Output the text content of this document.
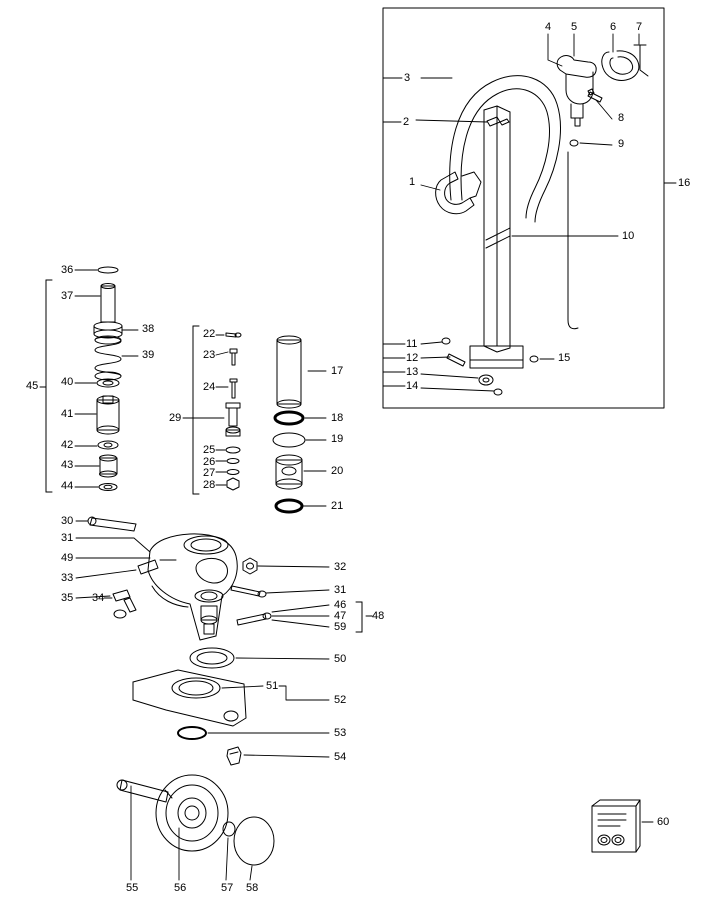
1
2
3
4 5	6 7
8
9
10
11
12
13
14
15
16
17
18
19
20
21
22
23
24
25
26
27
28
29
30
31
32
33
34
35
36
37
38
39
40
41
42
43
44
45
46
47 48
49
50
51
52
53
54
55	56	57 58
59
60
31
